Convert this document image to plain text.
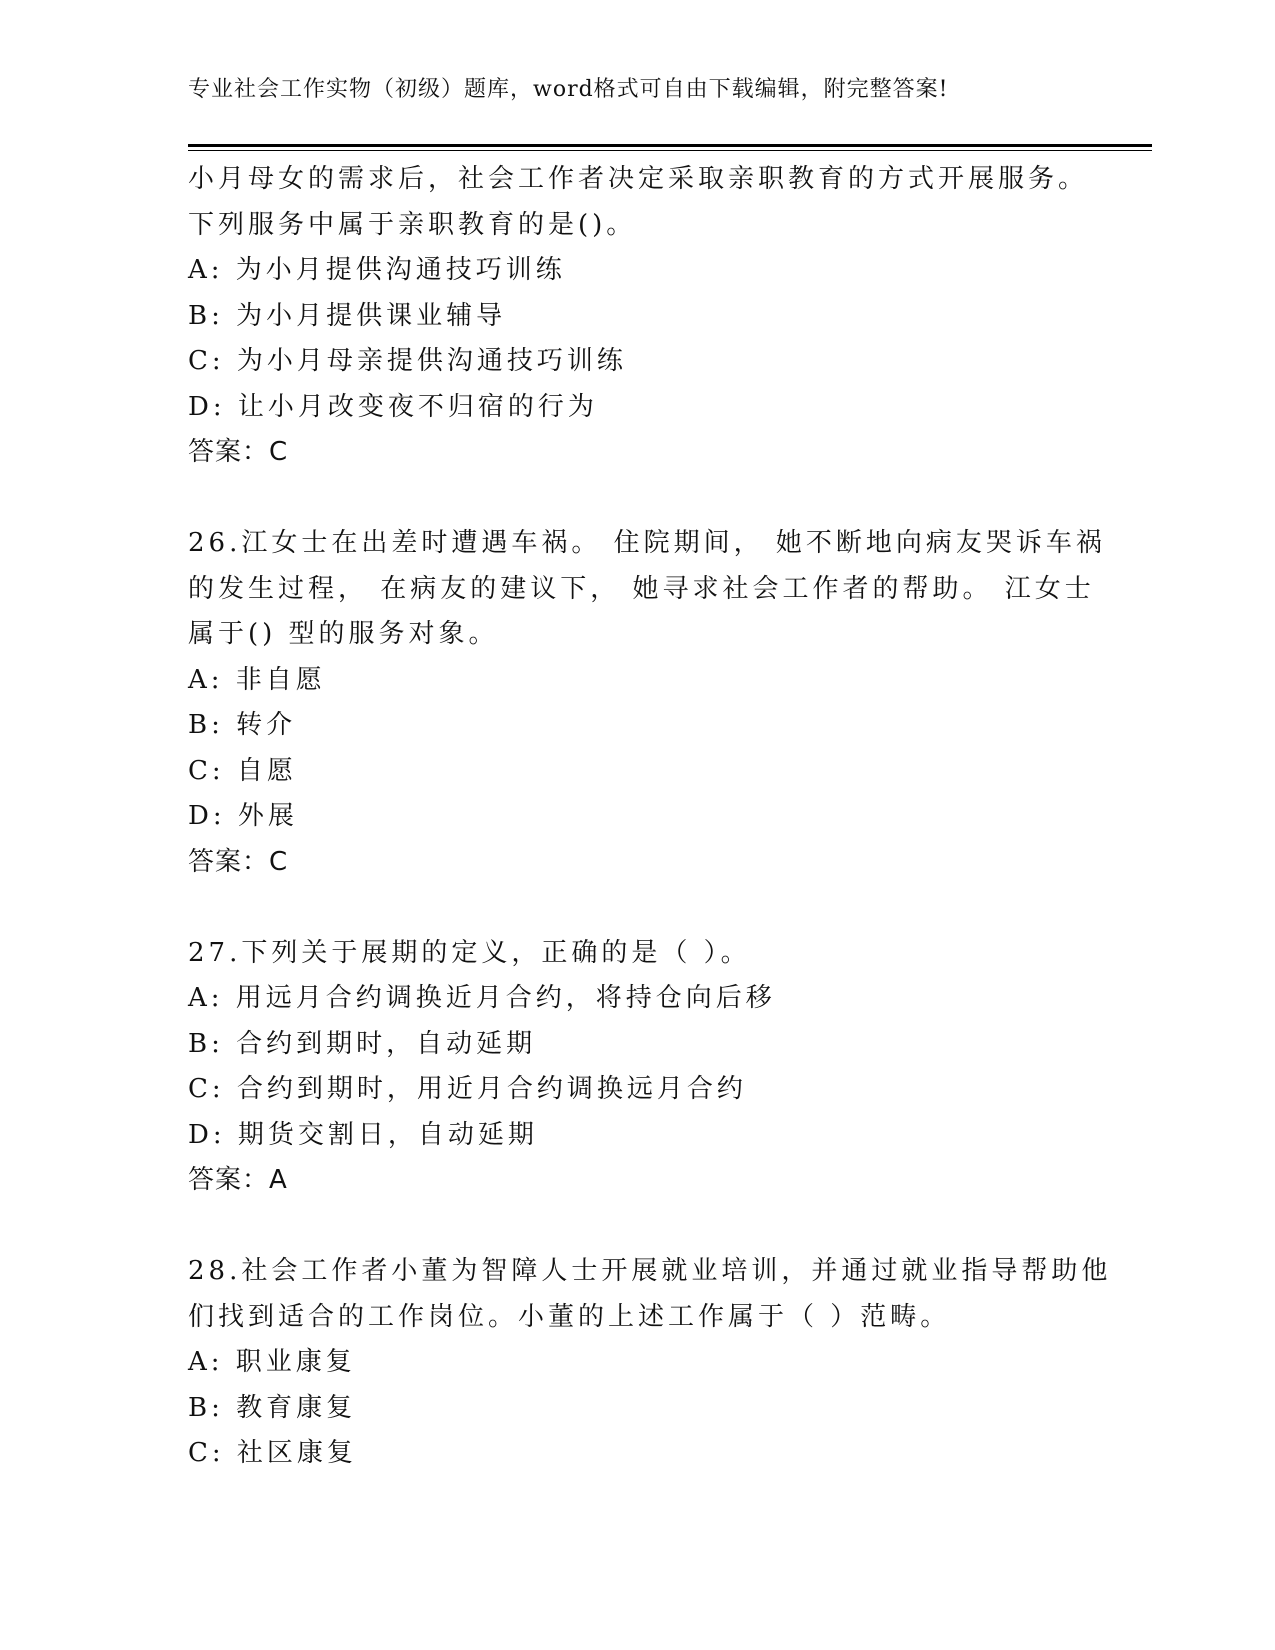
专业社会工作实物（初级）题库，word格式可自由下载编辑，附完整答案!
小月母女的需求后，社会工作者决定采取亲职教育的方式开展服务。
下列服务中属于亲职教育的是()。
A: 为小月提供沟通技巧训练
B: 为小月提供课业辅导
C: 为小月母亲提供沟通技巧训练
D: 让小月改变夜不归宿的行为
答案：C
26.江女士在出差时遭遇车祸。 住院期间， 她不断地向病友哭诉车祸
的发生过程， 在病友的建议下， 她寻求社会工作者的帮助。 江女士
属于() 型的服务对象。
A: 非自愿
B: 转介
C: 自愿
D: 外展
答案：C
27.下列关于展期的定义，正确的是（ ）。
A: 用远月合约调换近月合约，将持仓向后移
B: 合约到期时，自动延期
C: 合约到期时，用近月合约调换远月合约
D: 期货交割日，自动延期
答案：A
28.社会工作者小董为智障人士开展就业培训，并通过就业指导帮助他
们找到适合的工作岗位。小董的上述工作属于（ ）范畴。
A: 职业康复
B: 教育康复
C: 社区康复
